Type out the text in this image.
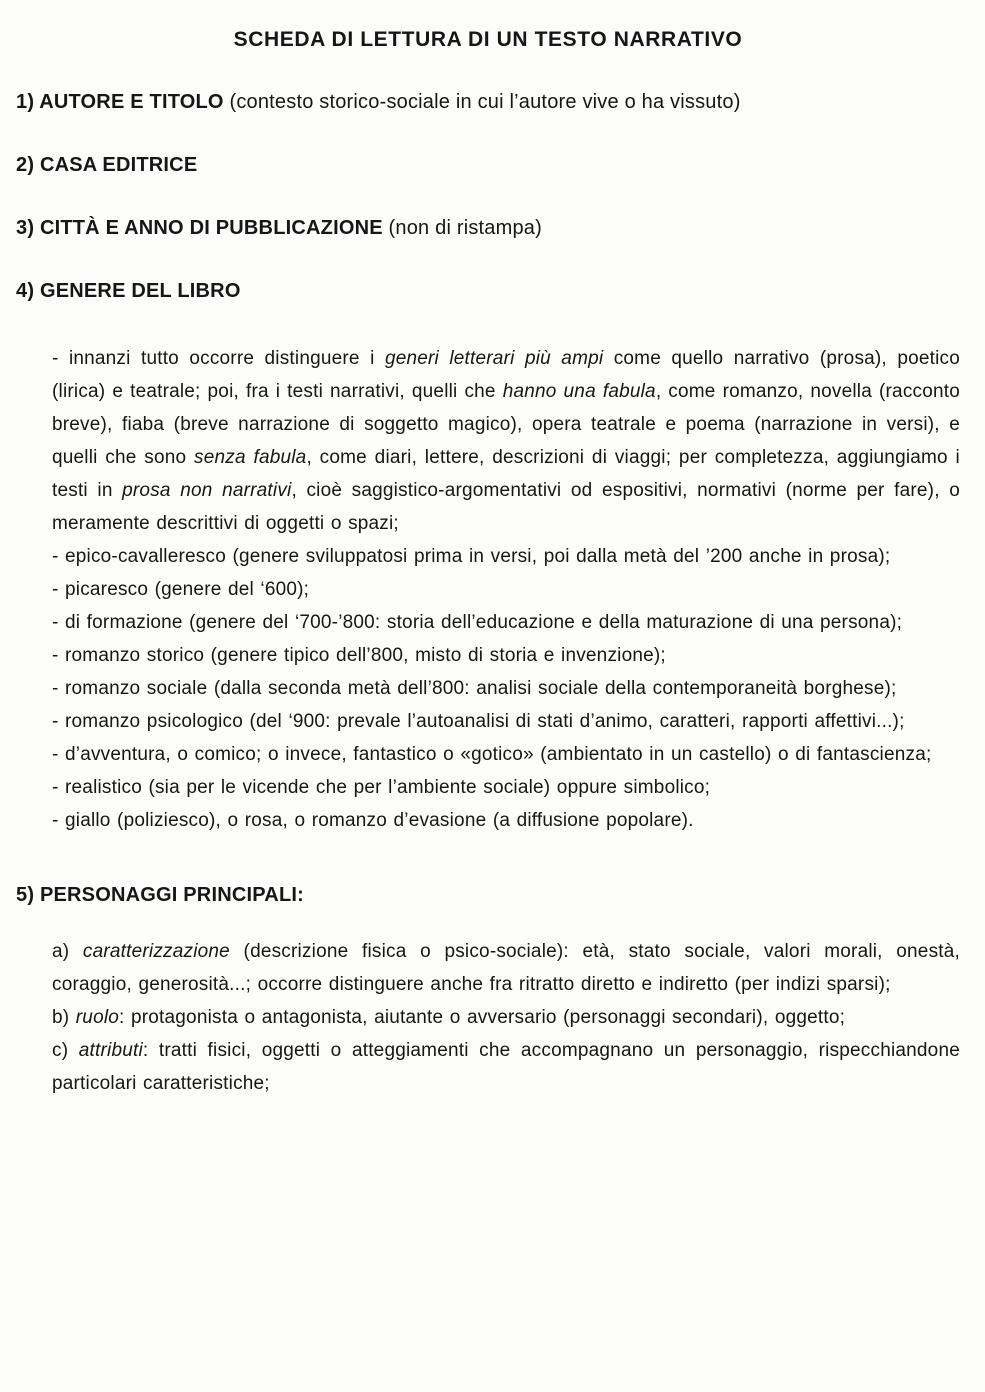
SCHEDA DI LETTURA DI UN TESTO NARRATIVO

1) AUTORE E TITOLO (contesto storico-sociale in cui l’autore vive o ha vissuto)

2) CASA EDITRICE

3) CITTÀ E ANNO DI PUBBLICAZIONE (non di ristampa)

4) GENERE DEL LIBRO

- innanzi tutto occorre distinguere i generi letterari più ampi come quello narrativo (prosa), poetico (lirica) e teatrale; poi, fra i testi narrativi, quelli che hanno una fabula, come romanzo, novella (racconto breve), fiaba (breve narrazione di soggetto magico), opera teatrale e poema (narrazione in versi), e quelli che sono senza fabula, come diari, lettere, descrizioni di viaggi; per completezza, aggiungiamo i testi in prosa non narrativi, cioè saggistico-argomentativi od espositivi, normativi (norme per fare), o meramente descrittivi di oggetti o spazi;

- epico-cavalleresco (genere sviluppatosi prima in versi, poi dalla metà del ’200 anche in prosa);

- picaresco (genere del ‘600);

- di formazione (genere del ‘700-’800: storia dell’educazione e della maturazione di una persona);

- romanzo storico (genere tipico dell’800, misto di storia e invenzione);

- romanzo sociale (dalla seconda metà dell’800: analisi sociale della contemporaneità borghese);

- romanzo psicologico (del ‘900: prevale l’autoanalisi di stati d’animo, caratteri, rapporti affettivi...);

- d’avventura, o comico; o invece, fantastico o «gotico» (ambientato in un castello) o di fantascienza;

- realistico (sia per le vicende che per l’ambiente sociale) oppure simbolico;

- giallo (poliziesco), o rosa, o romanzo d’evasione (a diffusione popolare).

5) PERSONAGGI PRINCIPALI:

a) caratterizzazione (descrizione fisica o psico-sociale): età, stato sociale, valori morali, onestà, coraggio, generosità...; occorre distinguere anche fra ritratto diretto e indiretto (per indizi sparsi);

b) ruolo: protagonista o antagonista, aiutante o avversario (personaggi secondari), oggetto;

c) attributi: tratti fisici, oggetti o atteggiamenti che accompagnano un personaggio, rispecchiandone particolari caratteristiche;
